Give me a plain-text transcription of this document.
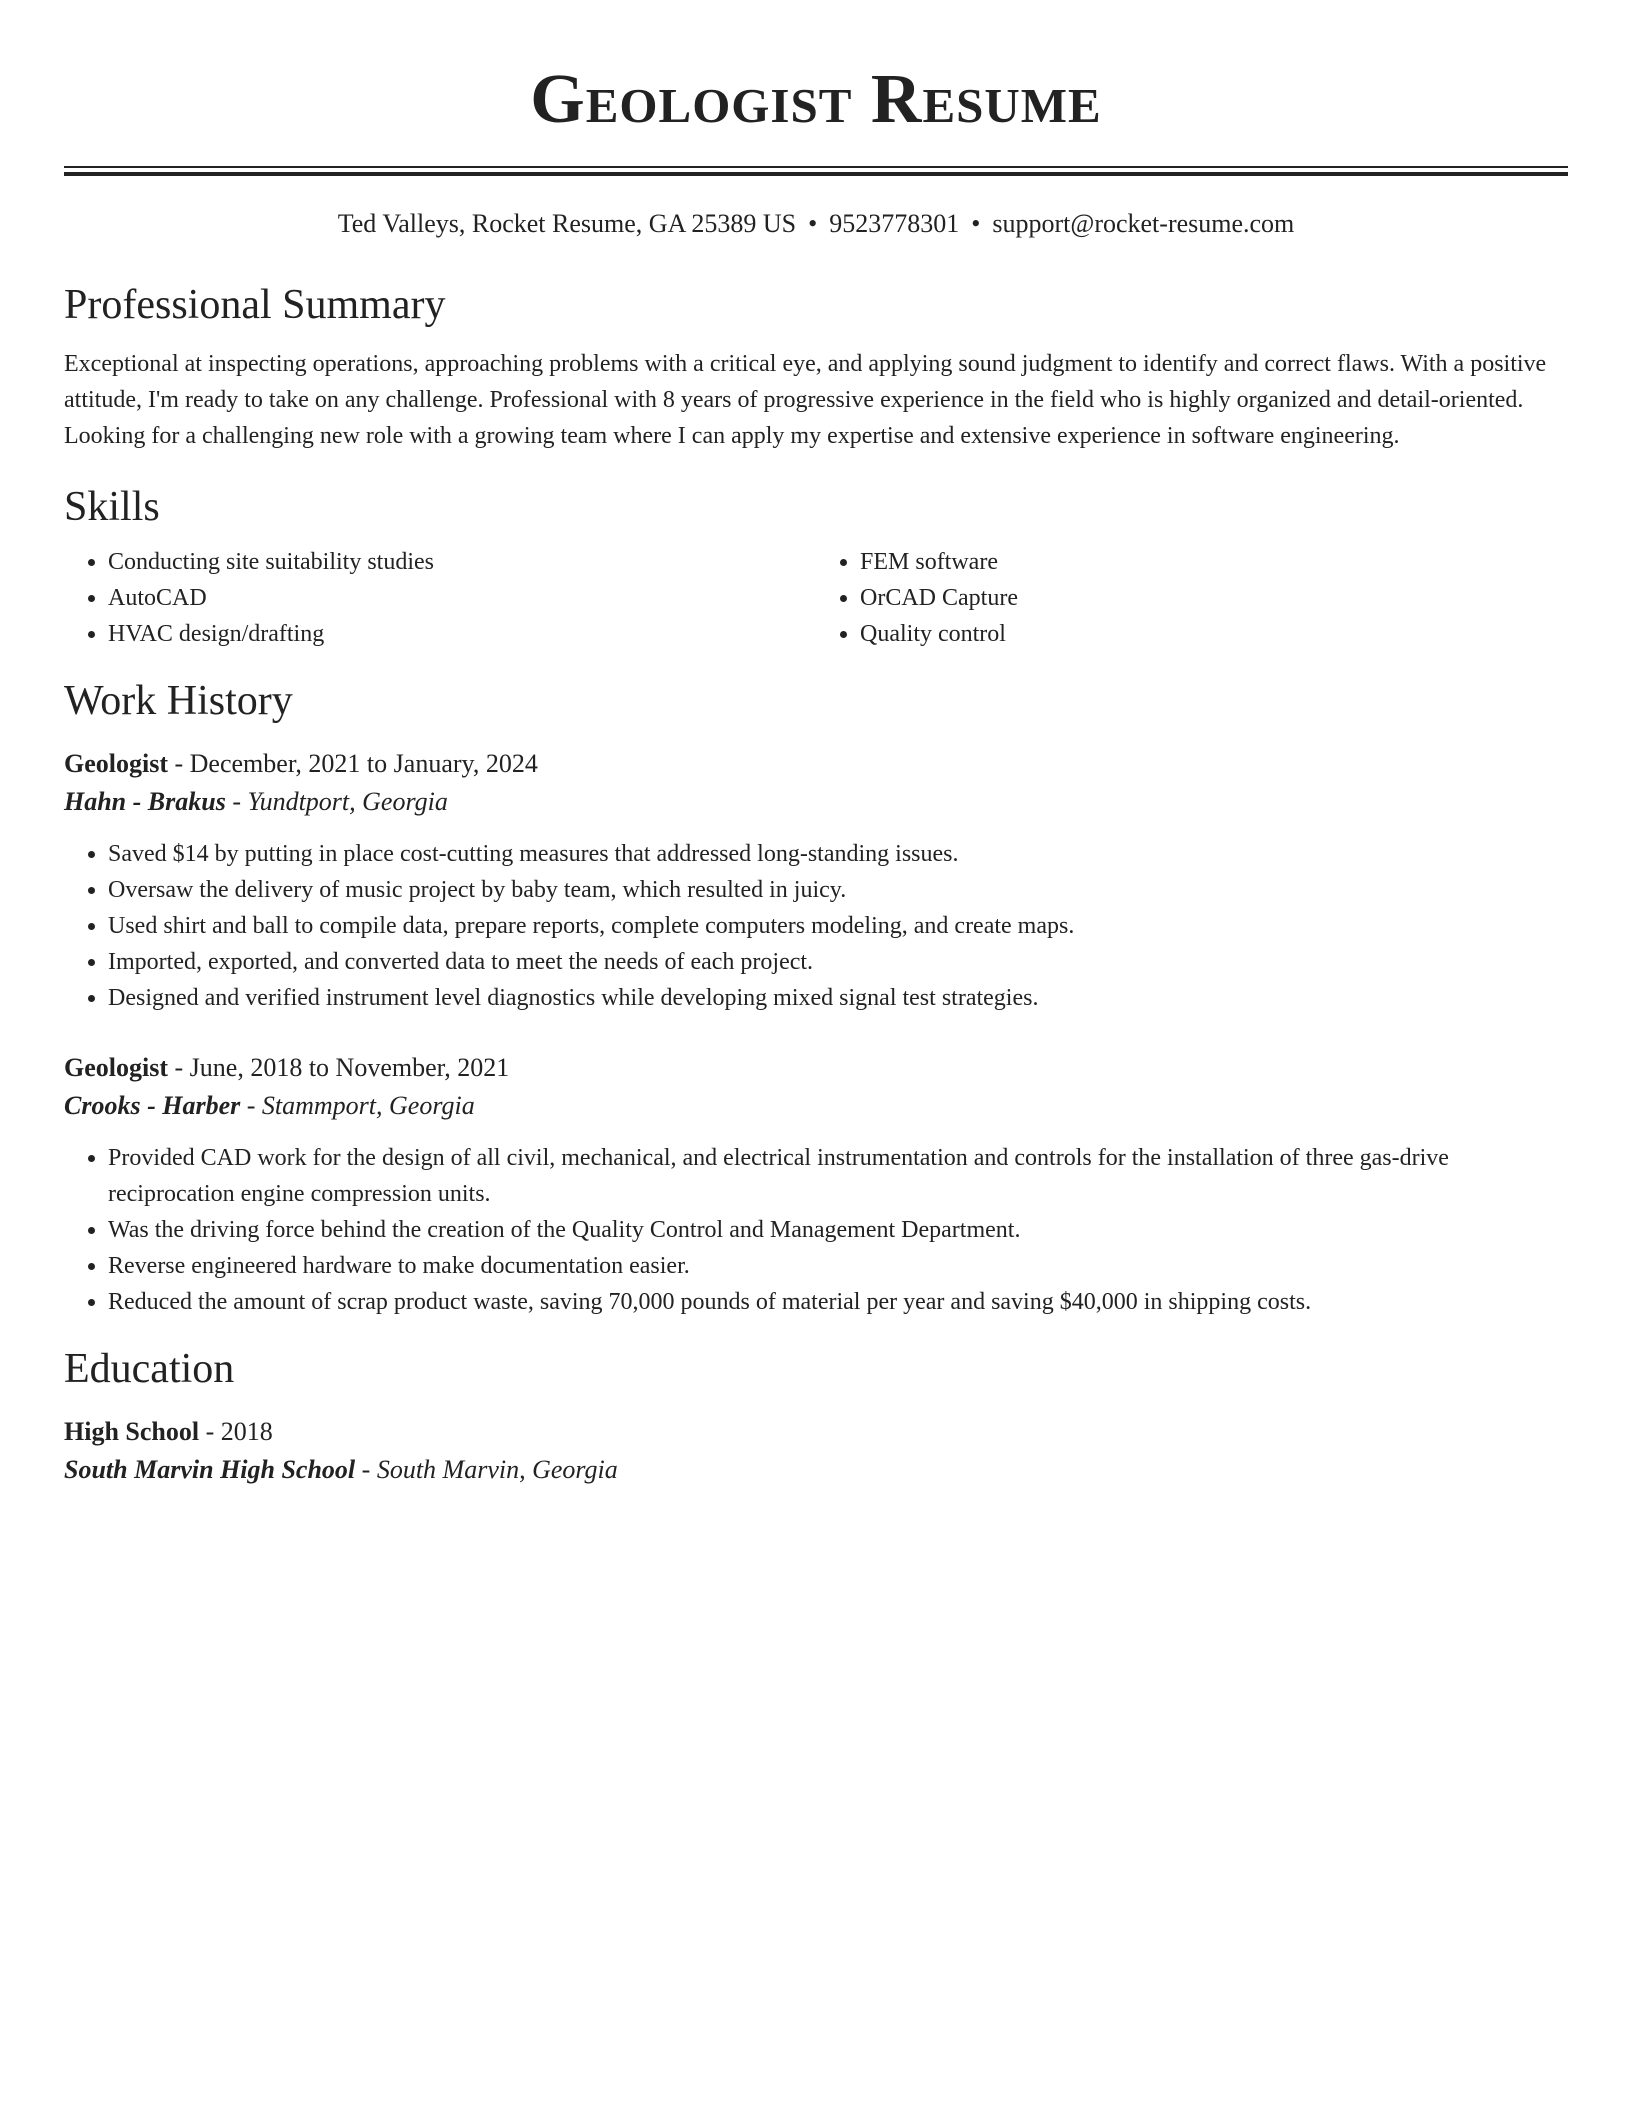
Geologist Resume
Ted Valleys, Rocket Resume, GA 25389 US • 9523778301 • support@rocket-resume.com
Professional Summary

Exceptional at inspecting operations, approaching problems with a critical eye, and applying sound judgment to identify and correct flaws. With a positive attitude, I'm ready to take on any challenge. Professional with 8 years of progressive experience in the field who is highly organized and detail-oriented. Looking for a challenging new role with a growing team where I can apply my expertise and extensive experience in software engineering.

Skills
• Conducting site suitability studies
• AutoCAD
• HVAC design/drafting
• FEM software
• OrCAD Capture
• Quality control
Work History
Geologist - December, 2021 to January, 2024
Hahn - Brakus - Yundtport, Georgia
• Saved $14 by putting in place cost-cutting measures that addressed long-standing issues.
• Oversaw the delivery of music project by baby team, which resulted in juicy.
• Used shirt and ball to compile data, prepare reports, complete computers modeling, and create maps.
• Imported, exported, and converted data to meet the needs of each project.
• Designed and verified instrument level diagnostics while developing mixed signal test strategies.
Geologist - June, 2018 to November, 2021
Crooks - Harber - Stammport, Georgia
• Provided CAD work for the design of all civil, mechanical, and electrical instrumentation and controls for the installation of three gas-drive reciprocation engine compression units.
• Was the driving force behind the creation of the Quality Control and Management Department.
• Reverse engineered hardware to make documentation easier.
• Reduced the amount of scrap product waste, saving 70,000 pounds of material per year and saving $40,000 in shipping costs.
Education
High School - 2018
South Marvin High School - South Marvin, Georgia
